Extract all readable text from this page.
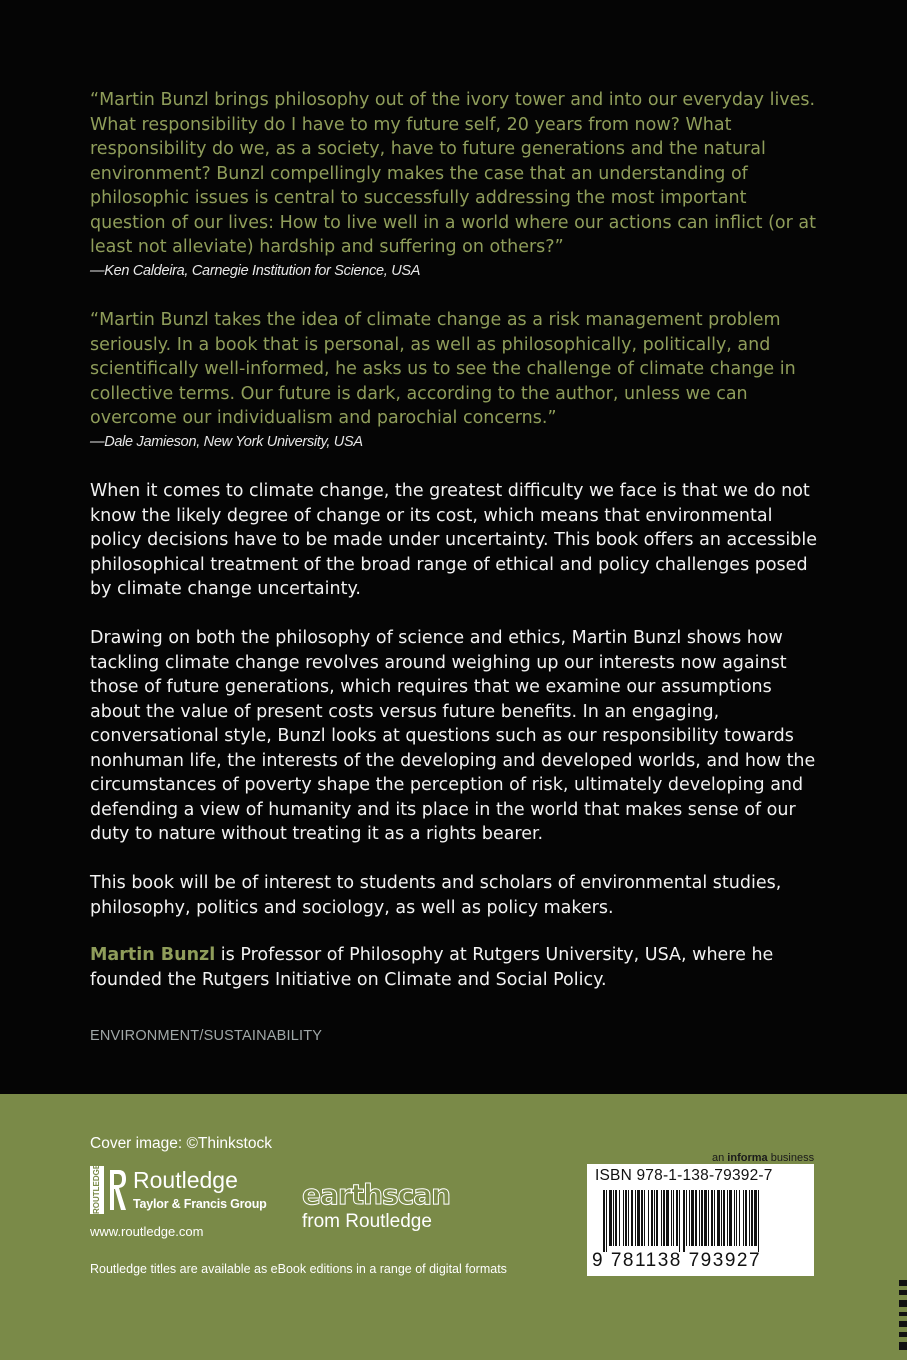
“Martin Bunzl brings philosophy out of the ivory tower and into our everyday lives. What responsibility do I have to my future self, 20 years from now? What responsibility do we, as a society, have to future generations and the natural environment? Bunzl compellingly makes the case that an understanding of philosophic issues is central to successfully addressing the most important question of our lives: How to live well in a world where our actions can inflict (or at least not alleviate) hardship and suffering on others?”

—Ken Caldeira, Carnegie Institution for Science, USA

“Martin Bunzl takes the idea of climate change as a risk management problem seriously. In a book that is personal, as well as philosophically, politically, and scientifically well-informed, he asks us to see the challenge of climate change in collective terms. Our future is dark, according to the author, unless we can overcome our individualism and parochial concerns.”

—Dale Jamieson, New York University, USA

When it comes to climate change, the greatest difficulty we face is that we do not know the likely degree of change or its cost, which means that environmental policy decisions have to be made under uncertainty. This book offers an accessible philosophical treatment of the broad range of ethical and policy challenges posed by climate change uncertainty.

Drawing on both the philosophy of science and ethics, Martin Bunzl shows how tackling climate change revolves around weighing up our interests now against those of future generations, which requires that we examine our assumptions about the value of present costs versus future benefits. In an engaging, conversational style, Bunzl looks at questions such as our responsibility towards nonhuman life, the interests of the developing and developed worlds, and how the circumstances of poverty shape the perception of risk, ultimately developing and defending a view of humanity and its place in the world that makes sense of our duty to nature without treating it as a rights bearer.

This book will be of interest to students and scholars of environmental studies, philosophy, politics and sociology, as well as policy makers.

Martin Bunzl is Professor of Philosophy at Rutgers University, USA, where he founded the Rutgers Initiative on Climate and Social Policy.

ENVIRONMENT/SUSTAINABILITY
Cover image: ©Thinkstock
ROUTLEDGE Routledge
Taylor & Francis Group
www.routledge.com
earthscan
from Routledge
Routledge titles are available as eBook editions in a range of digital formats
an informa business
ISBN 978-1-138-79392-7
9 781138 793927
